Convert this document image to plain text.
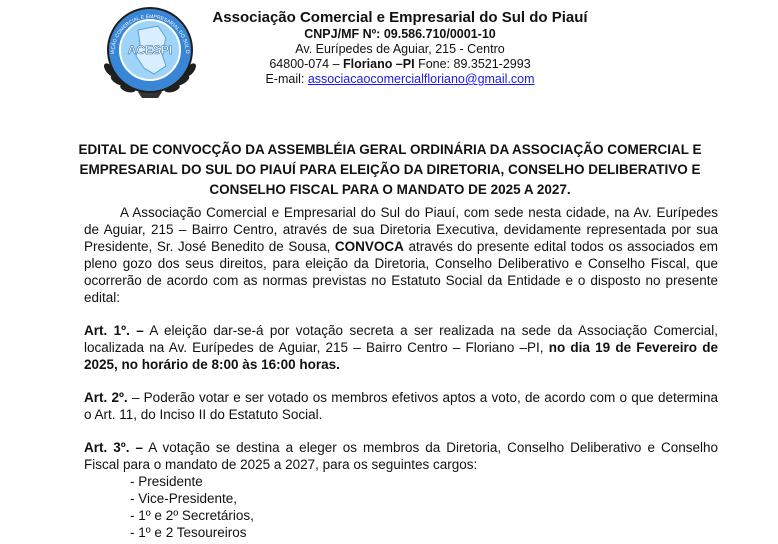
ACESPI
IAÇÃO COMERCIAL E EMPRESARIAL DO SUL D
Associação Comercial e Empresarial do Sul do Piauí
CNPJ/MF Nº: 09.586.710/0001-10
Av. Eurípedes de Aguiar, 215 - Centro
64800-074 – Floriano –PI Fone: 89.3521-2993
E-mail: associacaocomercialfloriano@gmail.com
EDITAL DE CONVOCÇÃO DA ASSEMBLÉIA GERAL ORDINÁRIA DA ASSOCIAÇÃO COMERCIAL E EMPRESARIAL DO SUL DO PIAUÍ PARA ELEIÇÃO DA DIRETORIA, CONSELHO DELIBERATIVO E CONSELHO FISCAL PARA O MANDATO DE 2025 A 2027.

A Associação Comercial e Empresarial do Sul do Piauí, com sede nesta cidade, na Av. Eurípedes de Aguiar, 215 – Bairro Centro, através de sua Diretoria Executiva, devidamente representada por sua Presidente, Sr. José Benedito de Sousa, CONVOCA através do presente edital todos os associados em pleno gozo dos seus direitos, para eleição da Diretoria, Conselho Deliberativo e Conselho Fiscal, que ocorrerão de acordo com as normas previstas no Estatuto Social da Entidade e o disposto no presente edital:

Art. 1º. – A eleição dar-se-á por votação secreta a ser realizada na sede da Associação Comercial, localizada na Av. Eurípedes de Aguiar, 215 – Bairro Centro – Floriano –PI, no dia 19 de Fevereiro de 2025, no horário de 8:00 às 16:00 horas.

Art. 2º. – Poderão votar e ser votado os membros efetivos aptos a voto, de acordo com o que determina o Art. 11, do Inciso II do Estatuto Social.

Art. 3º. – A votação se destina a eleger os membros da Diretoria, Conselho Deliberativo e Conselho Fiscal para o mandato de 2025 a 2027, para os seguintes cargos:

- Presidente
- Vice-Presidente,
- 1º e 2º Secretários,
- 1º e 2 Tesoureiros
